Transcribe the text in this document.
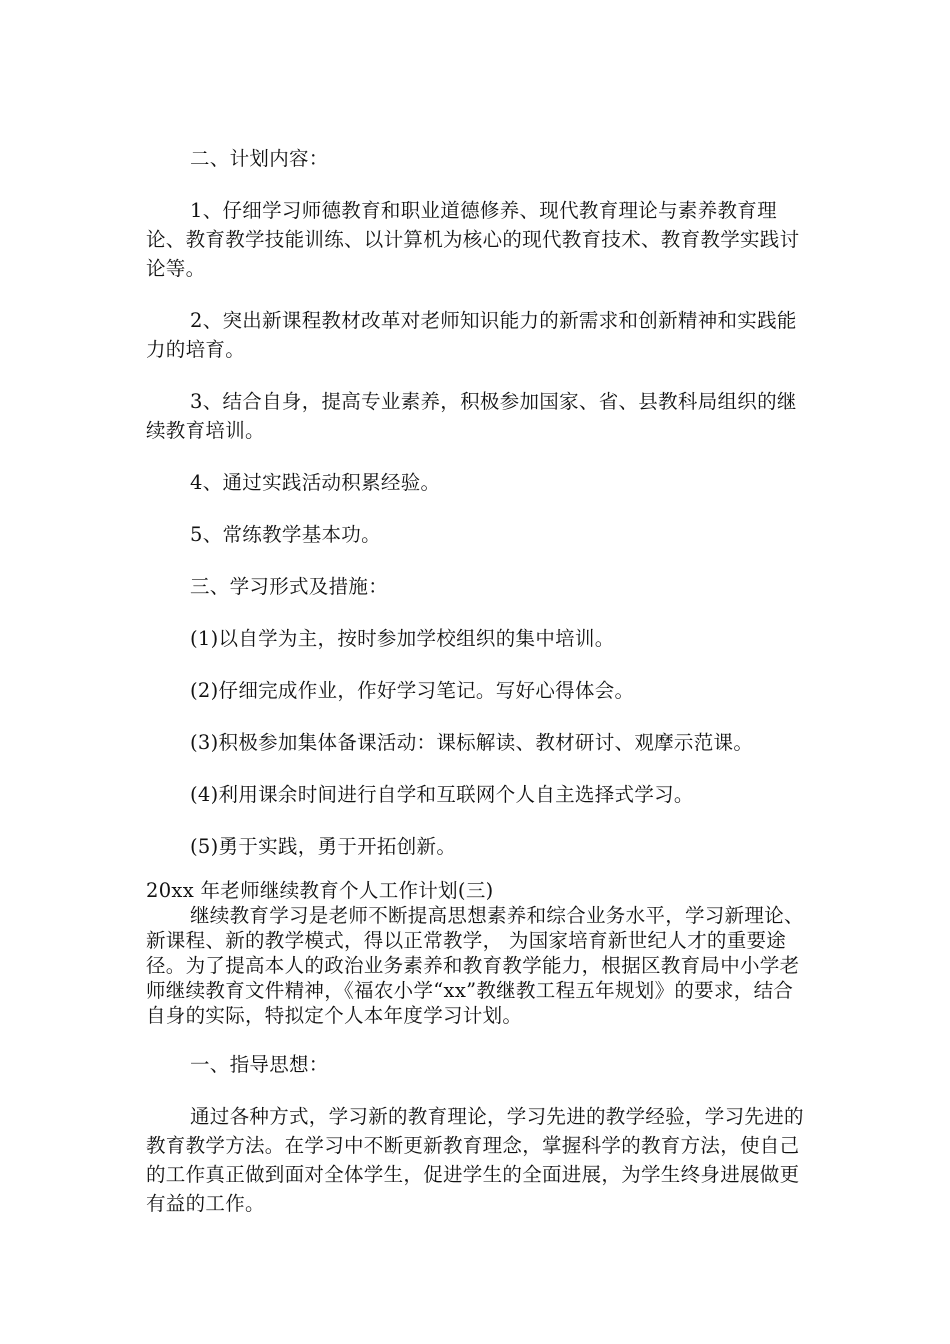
二、计划内容：

1、仔细学习师德教育和职业道德修养、现代教育理论与素养教育理论、教育教学技能训练、以计算机为核心的现代教育技术、教育教学实践讨论等。

2、突出新课程教材改革对老师知识能力的新需求和创新精神和实践能力的培育。

3、结合自身，提高专业素养，积极参加国家、省、县教科局组织的继续教育培训。

4、通过实践活动积累经验。

5、常练教学基本功。

三、学习形式及措施：

(1)以自学为主，按时参加学校组织的集中培训。

(2)仔细完成作业，作好学习笔记。写好心得体会。

(3)积极参加集体备课活动：课标解读、教材研讨、观摩示范课。

(4)利用课余时间进行自学和互联网个人自主选择式学习。

(5)勇于实践，勇于开拓创新。

20xx 年老师继续教育个人工作计划(三)

继续教育学习是老师不断提高思想素养和综合业务水平，学习新理论、新课程、新的教学模式，得以正常教学， 为国家培育新世纪人才的重要途径。为了提高本人的政治业务素养和教育教学能力，根据区教育局中小学老师继续教育文件精神，《福农小学“xx”教继教工程五年规划》的要求，结合自身的实际，特拟定个人本年度学习计划。

一、指导思想：

通过各种方式，学习新的教育理论，学习先进的教学经验，学习先进的教育教学方法。在学习中不断更新教育理念，掌握科学的教育方法，使自己的工作真正做到面对全体学生，促进学生的全面进展，为学生终身进展做更有益的工作。
